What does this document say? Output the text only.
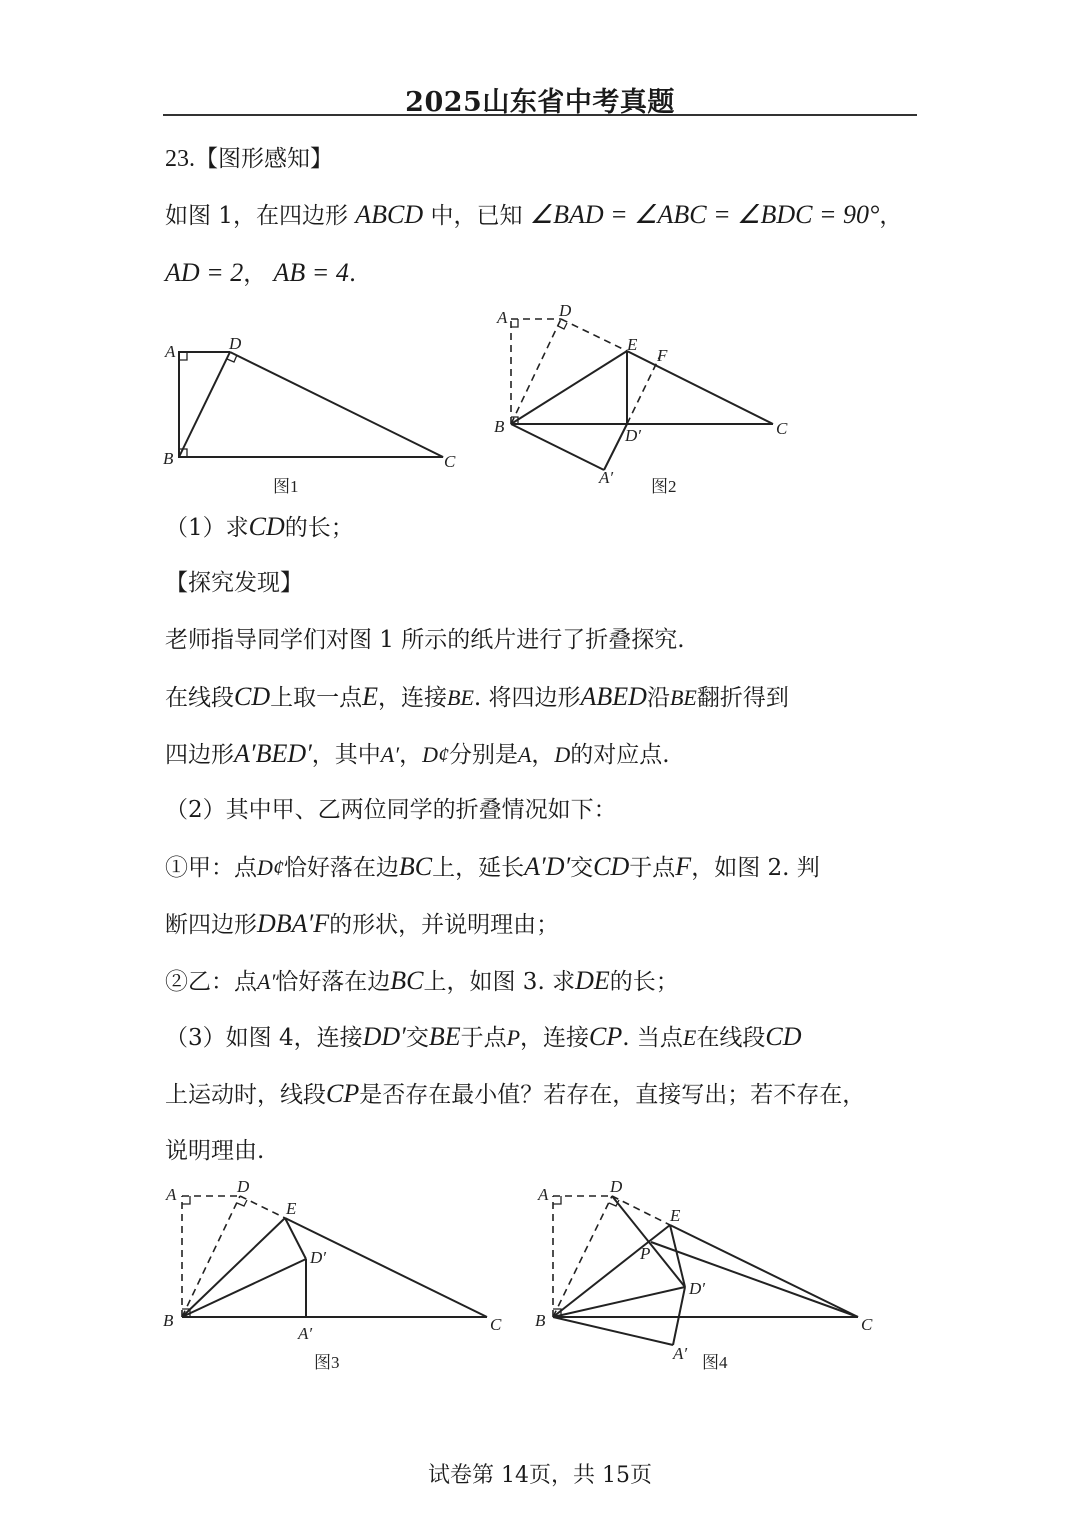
2025山东省中考真题
23.【图形感知】
如图 1，在四边形 ABCD 中，已知 ∠BAD = ∠ABC = ∠BDC = 90°，
AD = 2， AB = 4.
（1）求CD的长；
【探究发现】
老师指导同学们对图 1 所示的纸片进行了折叠探究.
在线段CD上取一点E，连接BE. 将四边形ABED沿BE翻折得到
四边形A′BED′，其中A′，D¢分别是A，D的对应点.
（2）其中甲、乙两位同学的折叠情况如下：
①甲：点D¢恰好落在边BC上，延长A′D′交CD于点F，如图 2. 判
断四边形DBA′F的形状，并说明理由；
②乙：点A′恰好落在边BC上，如图 3. 求DE的长；
（3）如图 4，连接DD′交BE于点P，连接CP. 当点E在线段CD
上运动时，线段CP是否存在最小值？若存在，直接写出；若不存在，
说明理由.
A	D
B	C
图1
A	D
E
F
B	D′	C
A′ 图2
A	D
E
D′
B
A′	C
图3
A	D
E
P
D′
B	C
A′ 图4
试卷第 14页，共 15页
